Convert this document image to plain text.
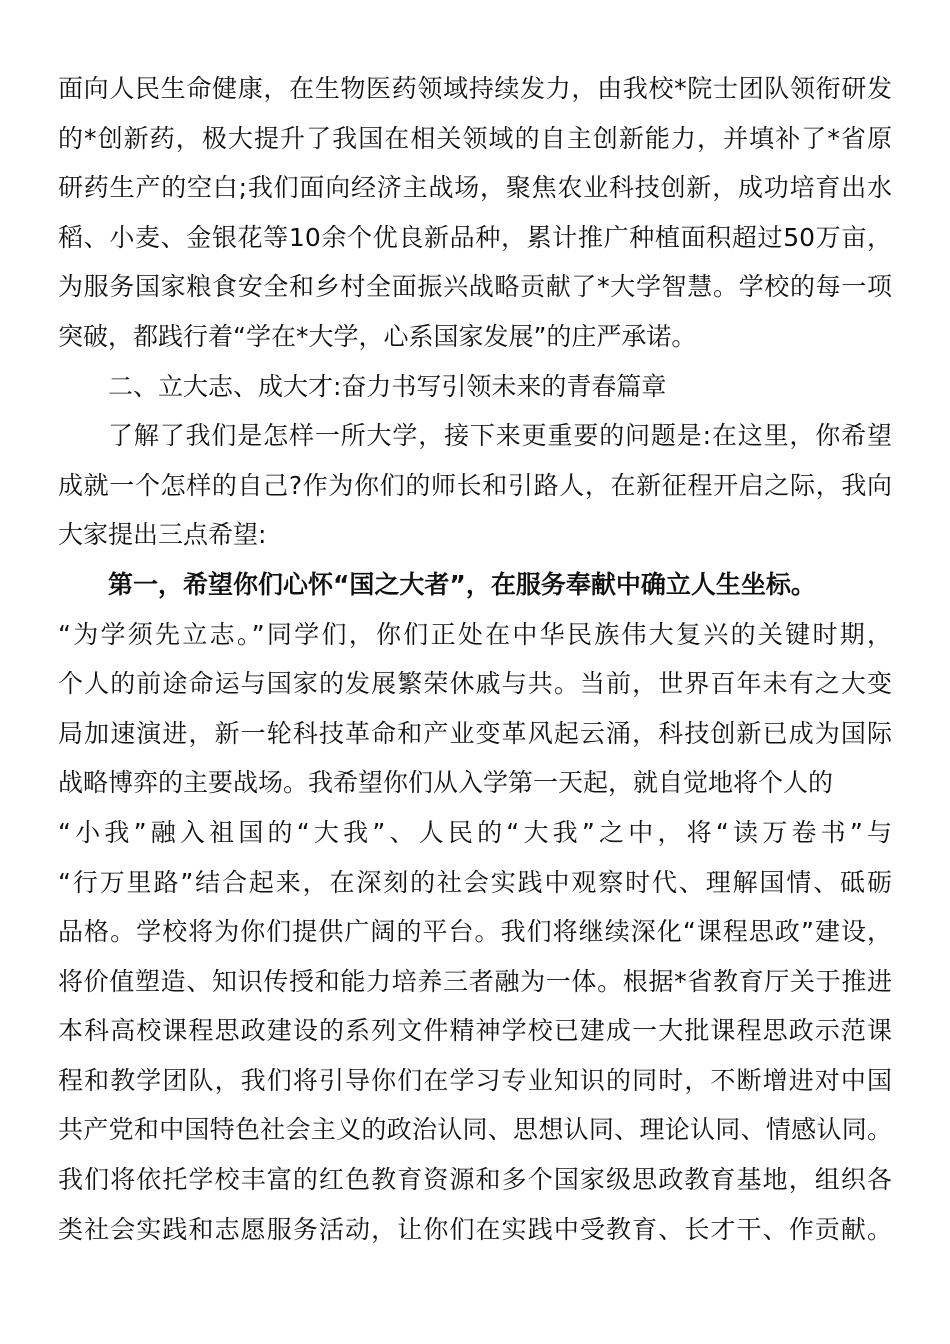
面向人民生命健康，在生物医药领域持续发力，由我校*院士团队领衔研发
的*创新药，极大提升了我国在相关领域的自主创新能力，并填补了*省原
研药生产的空白;我们面向经济主战场，聚焦农业科技创新，成功培育出水
稻、小麦、金银花等10余个优良新品种，累计推广种植面积超过50万亩，
为服务国家粮食安全和乡村全面振兴战略贡献了*大学智慧。学校的每一项
突破，都践行着“学在*大学，心系国家发展”的庄严承诺。
二、立大志、成大才:奋力书写引领未来的青春篇章
了解了我们是怎样一所大学，接下来更重要的问题是:在这里，你希望
成就一个怎样的自己?作为你们的师长和引路人，在新征程开启之际，我向
大家提出三点希望:
第一，希望你们心怀“国之大者”，在服务奉献中确立人生坐标。
“为学须先立志。”同学们，你们正处在中华民族伟大复兴的关键时期，
个人的前途命运与国家的发展繁荣休戚与共。当前，世界百年未有之大变
局加速演进，新一轮科技革命和产业变革风起云涌，科技创新已成为国际
战略博弈的主要战场。我希望你们从入学第一天起，就自觉地将个人的
“小我”融入祖国的“大我”、人民的“大我”之中，将“读万卷书”与
“行万里路”结合起来，在深刻的社会实践中观察时代、理解国情、砥砺
品格。学校将为你们提供广阔的平台。我们将继续深化“课程思政”建设，
将价值塑造、知识传授和能力培养三者融为一体。根据*省教育厅关于推进
本科高校课程思政建设的系列文件精神学校已建成一大批课程思政示范课
程和教学团队，我们将引导你们在学习专业知识的同时，不断增进对中国
共产党和中国特色社会主义的政治认同、思想认同、理论认同、情感认同。
我们将依托学校丰富的红色教育资源和多个国家级思政教育基地，组织各
类社会实践和志愿服务活动，让你们在实践中受教育、长才干、作贡献。
